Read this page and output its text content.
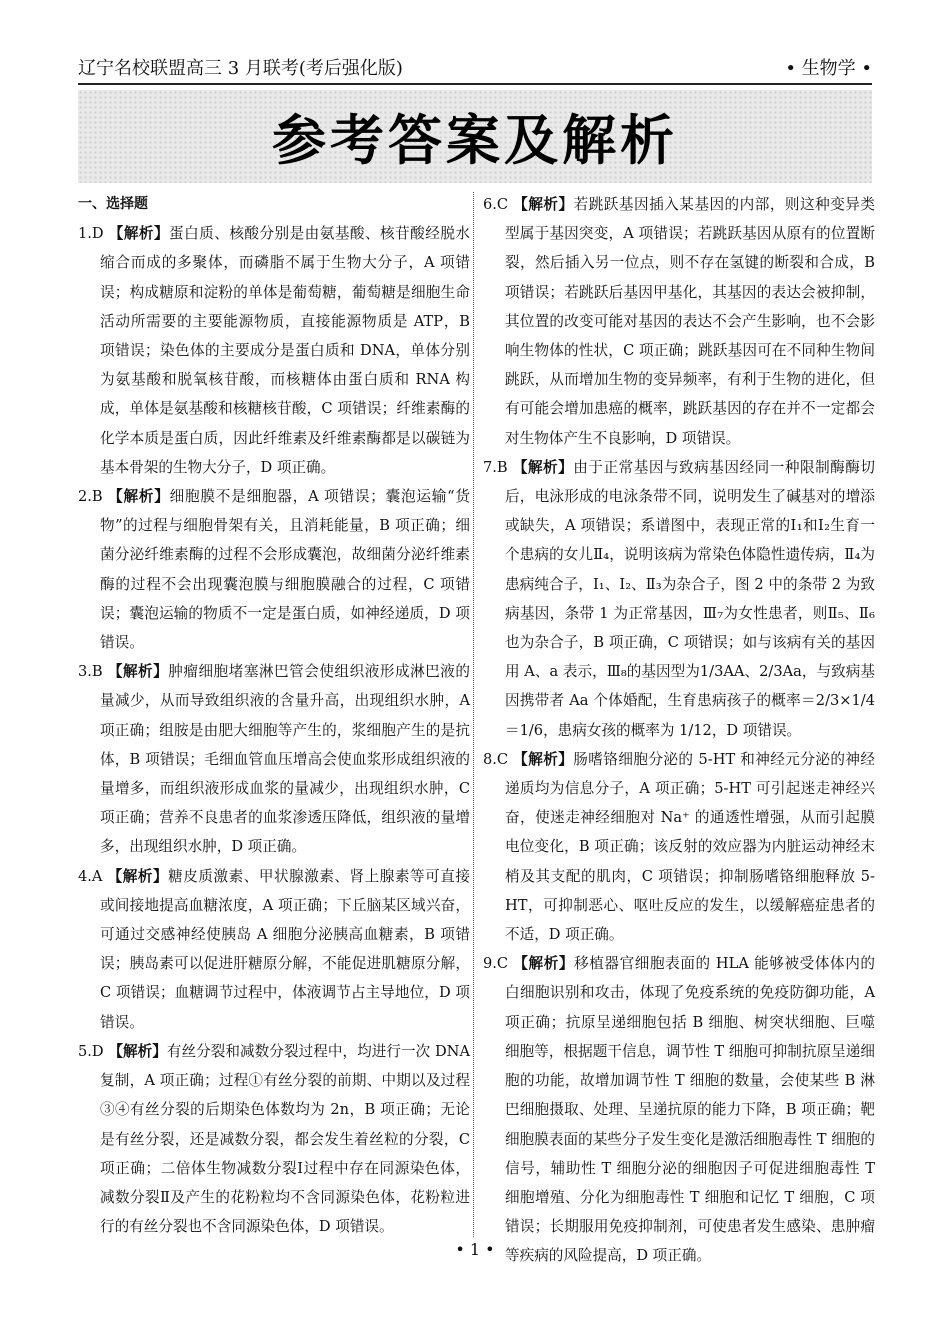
辽宁名校联盟高三 3 月联考(考后强化版)	• 生物学 •
参考答案及解析

一、选择题

1.D 【解析】蛋白质、核酸分别是由氨基酸、核苷酸经脱水缩合而成的多聚体，而磷脂不属于生物大分子，A 项错误；构成糖原和淀粉的单体是葡萄糖，葡萄糖是细胞生命活动所需要的主要能源物质，直接能源物质是 ATP，B 项错误；染色体的主要成分是蛋白质和 DNA，单体分别为氨基酸和脱氧核苷酸，而核糖体由蛋白质和 RNA 构成，单体是氨基酸和核糖核苷酸，C 项错误；纤维素酶的化学本质是蛋白质，因此纤维素及纤维素酶都是以碳链为基本骨架的生物大分子，D 项正确。

2.B 【解析】细胞膜不是细胞器，A 项错误；囊泡运输“货物”的过程与细胞骨架有关，且消耗能量，B 项正确；细菌分泌纤维素酶的过程不会形成囊泡，故细菌分泌纤维素酶的过程不会出现囊泡膜与细胞膜融合的过程，C 项错误；囊泡运输的物质不一定是蛋白质，如神经递质，D 项错误。

3.B 【解析】肿瘤细胞堵塞淋巴管会使组织液形成淋巴液的量减少，从而导致组织液的含量升高，出现组织水肿，A 项正确；组胺是由肥大细胞等产生的，浆细胞产生的是抗体，B 项错误；毛细血管血压增高会使血浆形成组织液的量增多，而组织液形成血浆的量减少，出现组织水肿，C 项正确；营养不良患者的血浆渗透压降低，组织液的量增多，出现组织水肿，D 项正确。

4.A 【解析】糖皮质激素、甲状腺激素、肾上腺素等可直接或间接地提高血糖浓度，A 项正确；下丘脑某区域兴奋，可通过交感神经使胰岛 A 细胞分泌胰高血糖素，B 项错误；胰岛素可以促进肝糖原分解，不能促进肌糖原分解，C 项错误；血糖调节过程中，体液调节占主导地位，D 项错误。

5.D 【解析】有丝分裂和减数分裂过程中，均进行一次 DNA 复制，A 项正确；过程①有丝分裂的前期、中期以及过程③④有丝分裂的后期染色体数均为 2n，B 项正确；无论是有丝分裂，还是减数分裂，都会发生着丝粒的分裂，C 项正确；二倍体生物减数分裂Ⅰ过程中存在同源染色体，减数分裂Ⅱ及产生的花粉粒均不含同源染色体，花粉粒进行的有丝分裂也不含同源染色体，D 项错误。

6.C 【解析】若跳跃基因插入某基因的内部，则这种变异类型属于基因突变，A 项错误；若跳跃基因从原有的位置断裂，然后插入另一位点，则不存在氢键的断裂和合成，B 项错误；若跳跃后基因甲基化，其基因的表达会被抑制，其位置的改变可能对基因的表达不会产生影响，也不会影响生物体的性状，C 项正确；跳跃基因可在不同种生物间跳跃，从而增加生物的变异频率，有利于生物的进化，但有可能会增加患癌的概率，跳跃基因的存在并不一定都会对生物体产生不良影响，D 项错误。

7.B 【解析】由于正常基因与致病基因经同一种限制酶酶切后，电泳形成的电泳条带不同，说明发生了碱基对的增添或缺失，A 项错误；系谱图中，表现正常的Ⅰ₁和Ⅰ₂生育一个患病的女儿Ⅱ₄，说明该病为常染色体隐性遗传病，Ⅱ₄为患病纯合子，Ⅰ₁、Ⅰ₂、Ⅱ₃为杂合子，图 2 中的条带 2 为致病基因，条带 1 为正常基因，Ⅲ₇为女性患者，则Ⅱ₅、Ⅱ₆也为杂合子，B 项正确，C 项错误；如与该病有关的基因用 A、a 表示，Ⅲ₈的基因型为1/3AA、2/3Aa，与致病基因携带者 Aa 个体婚配，生育患病孩子的概率＝2/3×1/4＝1/6，患病女孩的概率为 1/12，D 项错误。

8.C 【解析】肠嗜铬细胞分泌的 5-HT 和神经元分泌的神经递质均为信息分子，A 项正确；5-HT 可引起迷走神经兴奋，使迷走神经细胞对 Na⁺ 的通透性增强，从而引起膜电位变化，B 项正确；该反射的效应器为内脏运动神经末梢及其支配的肌肉，C 项错误；抑制肠嗜铬细胞释放 5-HT，可抑制恶心、呕吐反应的发生，以缓解癌症患者的不适，D 项正确。

9.C 【解析】移植器官细胞表面的 HLA 能够被受体体内的白细胞识别和攻击，体现了免疫系统的免疫防御功能，A 项正确；抗原呈递细胞包括 B 细胞、树突状细胞、巨噬细胞等，根据题干信息，调节性 T 细胞可抑制抗原呈递细胞的功能，故增加调节性 T 细胞的数量，会使某些 B 淋巴细胞摄取、处理、呈递抗原的能力下降，B 项正确；靶细胞膜表面的某些分子发生变化是激活细胞毒性 T 细胞的信号，辅助性 T 细胞分泌的细胞因子可促进细胞毒性 T 细胞增殖、分化为细胞毒性 T 细胞和记忆 T 细胞，C 项错误；长期服用免疫抑制剂，可使患者发生感染、患肿瘤等疾病的风险提高，D 项正确。

• 1 •
